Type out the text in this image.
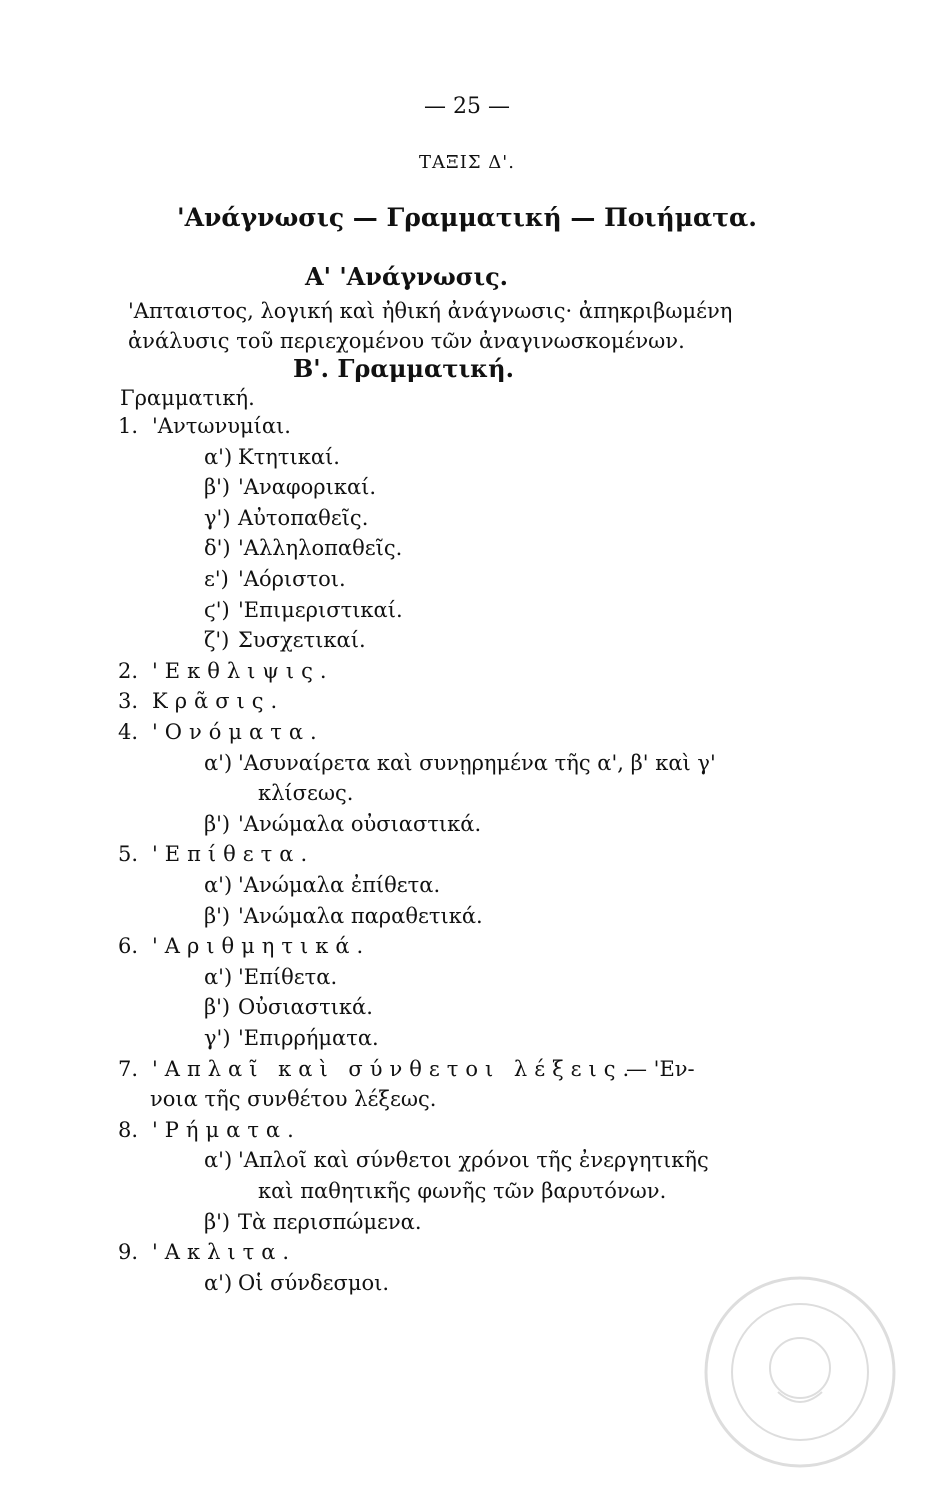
— 25 —
ΤΑΞΙΣ Δ'.
'Ανάγνωσις — Γραμματική — Ποιήματα.
Α' 'Ανάγνωσις.
'Απταιστος, λογική καὶ ἠθική ἀνάγνωσις· ἀπηκριβωμένη
ἀνάλυσις τοῦ περιεχομένου τῶν ἀναγινωσκομένων.
Β'. Γραμματική.
Γραμματική.
1. 'Αντωνυμίαι.
α') Κτητικαί.
β') 'Αναφορικαί.
γ') Αὐτοπαθεῖς.
δ') 'Αλληλοπαθεῖς.
ε') 'Αόριστοι.
ϛ') 'Επιμεριστικαί.
ζ') Συσχετικαί.
2. 'Εκθλιψις.
3. Κρᾶσις.
4. 'Ονόματα.
α') 'Ασυναίρετα καὶ συνῃρημένα τῆς α', β' καὶ γ'
κλίσεως.
β') 'Ανώμαλα οὐσιαστικά.
5. 'Επίθετα.
α') 'Ανώμαλα ἐπίθετα.
β') 'Ανώμαλα παραθετικά.
6. 'Αριθμητικά.
α') 'Επίθετα.
β') Οὐσιαστικά.
γ') 'Επιρρήματα.
7. 'Απλαῖ καὶ σύνθετοι λέξεις.
— 'Εν-
νοια τῆς συνθέτου λέξεως.
8. 'Ρήματα.
α') 'Απλοῖ καὶ σύνθετοι χρόνοι τῆς ἐνεργητικῆς
καὶ παθητικῆς φωνῆς τῶν βαρυτόνων.
β') Τὰ περισπώμενα.
9. 'Ακλιτα.
α') Οἱ σύνδεσμοι.
